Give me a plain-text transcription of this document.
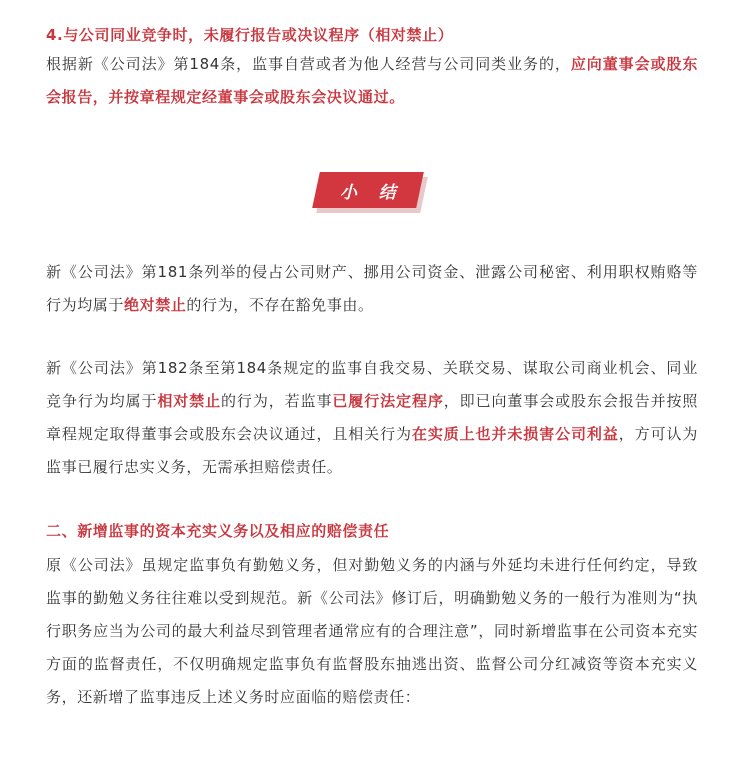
4.与公司同业竞争时，未履行报告或决议程序（相对禁止）

根据新《公司法》第184条，监事自营或者为他人经营与公司同类业务的，应向董事会或股东会报告，并按章程规定经董事会或股东会决议通过。

小 结

新《公司法》第181条列举的侵占公司财产、挪用公司资金、泄露公司秘密、利用职权贿赂等行为均属于绝对禁止的行为，不存在豁免事由。

新《公司法》第182条至第184条规定的监事自我交易、关联交易、谋取公司商业机会、同业竞争行为均属于相对禁止的行为，若监事已履行法定程序，即已向董事会或股东会报告并按照章程规定取得董事会或股东会决议通过，且相关行为在实质上也并未损害公司利益，方可认为监事已履行忠实义务，无需承担赔偿责任。

二、新增监事的资本充实义务以及相应的赔偿责任

原《公司法》虽规定监事负有勤勉义务，但对勤勉义务的内涵与外延均未进行任何约定，导致监事的勤勉义务往往难以受到规范。新《公司法》修订后，明确勤勉义务的一般行为准则为“执行职务应当为公司的最大利益尽到管理者通常应有的合理注意”，同时新增监事在公司资本充实方面的监督责任，不仅明确规定监事负有监督股东抽逃出资、监督公司分红减资等资本充实义务，还新增了监事违反上述义务时应面临的赔偿责任：
